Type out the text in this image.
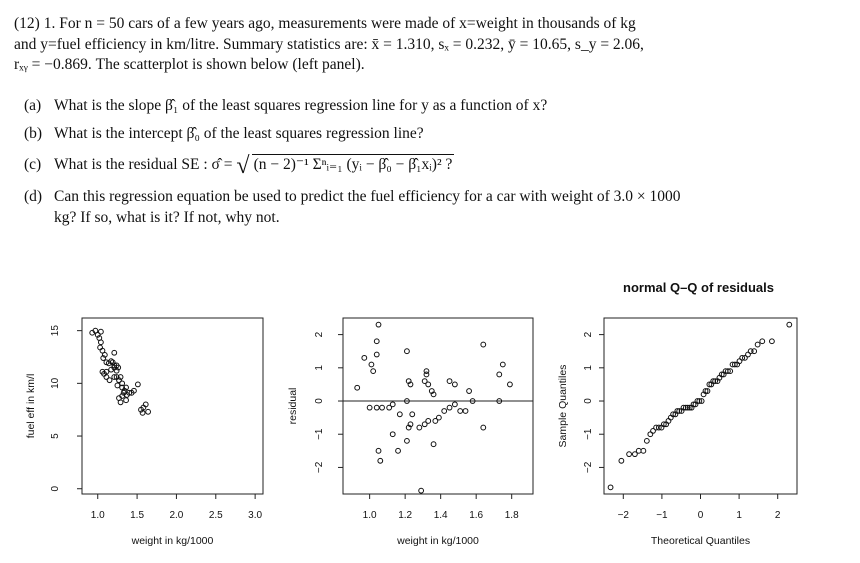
(12) 1. For n = 50 cars of a few years ago, measurements were made of x=weight in thousands of kg
and y=fuel efficiency in km/litre. Summary statistics are: x̄ = 1.310, sₓ = 0.232, ȳ = 10.65, s_y = 2.06,
rₓᵧ = −0.869. The scatterplot is shown below (left panel).
(a) What is the slope β̂₁ of the least squares regression line for y as a function of x?
(b) What is the intercept β̂₀ of the least squares regression line?
(c) What is the residual SE : σ̂ = √ (n − 2)⁻¹ Σⁿᵢ₌₁ (yᵢ − β̂₀ − β̂₁xᵢ)² ?
(d) Can this regression equation be used to predict the fuel efficiency for a car with weight of 3.0 × 1000
kg? If so, what is it? If not, why not.
1.0	1.5	2.0	2.5	3.0
0
5
10
15
weight in kg/1000
fuel eff in km/l
1.0 1.2 1.4 1.6 1.8
−2
−1
0
1
2
weight in kg/1000
residual
−2	−1	0	1	2
−2
−1
0
1
2
Theoretical Quantiles
Sample Quantiles
normal Q–Q of residuals
